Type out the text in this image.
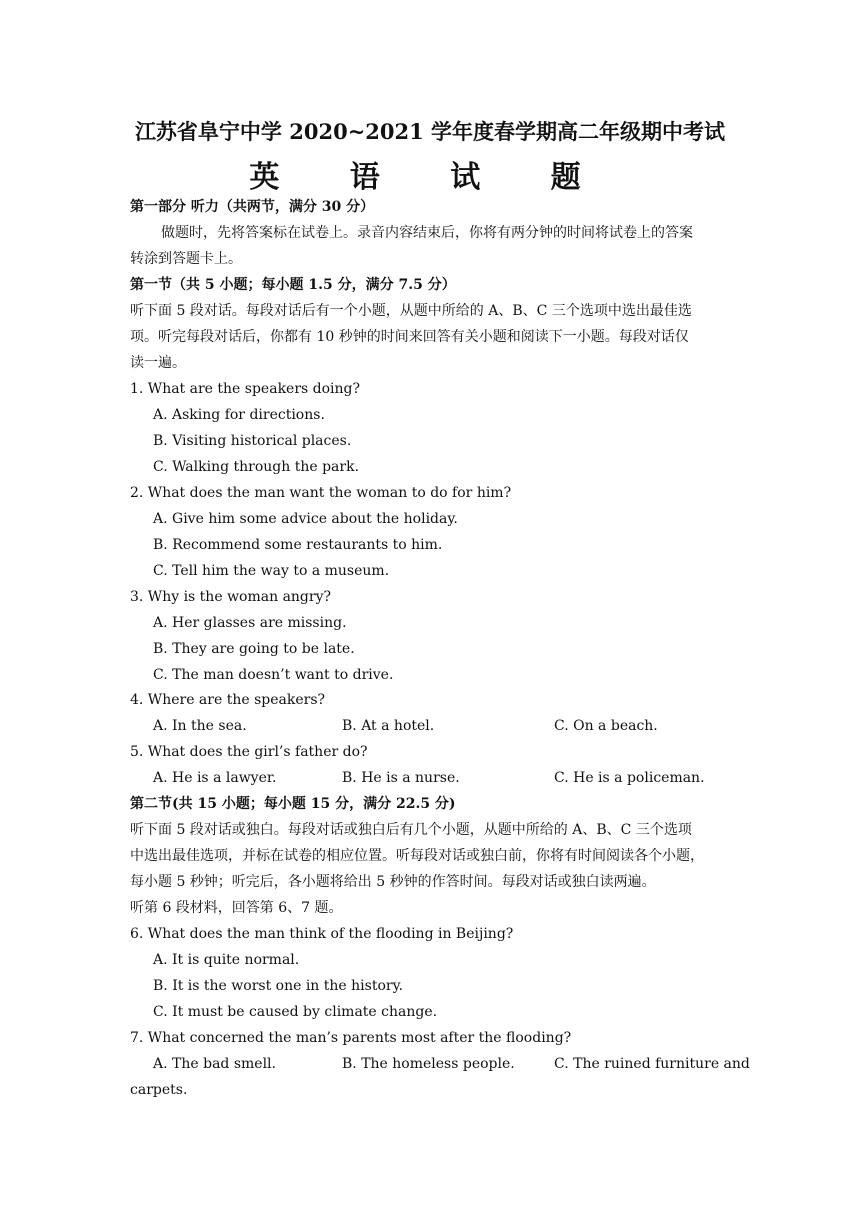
江苏省阜宁中学 2020~2021 学年度春学期高二年级期中考试
英 语 试 题
第一部分 听力（共两节，满分 30 分）
做题时，先将答案标在试卷上。录音内容结束后，你将有两分钟的时间将试卷上的答案
转涂到答题卡上。
第一节（共 5 小题；每小题 1.5 分，满分 7.5 分）
听下面 5 段对话。每段对话后有一个小题，从题中所给的 A、B、C 三个选项中选出最佳选
项。听完每段对话后，你都有 10 秒钟的时间来回答有关小题和阅读下一小题。每段对话仅
读一遍。
1. What are the speakers doing?
A. Asking for directions.
B. Visiting historical places.
C. Walking through the park.
2. What does the man want the woman to do for him?
A. Give him some advice about the holiday.
B. Recommend some restaurants to him.
C. Tell him the way to a museum.
3. Why is the woman angry?
A. Her glasses are missing.
B. They are going to be late.
C. The man doesn’t want to drive.
4. Where are the speakers?
A. In the sea.	B. At a hotel.	C. On a beach.
5. What does the girl’s father do?
A. He is a lawyer.	B. He is a nurse.	C. He is a policeman.
第二节(共 15 小题；每小题 15 分，满分 22.5 分)
听下面 5 段对话或独白。每段对话或独白后有几个小题，从题中所给的 A、B、C 三个选项
中选出最佳选项，并标在试卷的相应位置。听每段对话或独白前，你将有时间阅读各个小题，
每小题 5 秒钟；听完后，各小题将给出 5 秒钟的作答时间。每段对话或独白读两遍。
听第 6 段材料，回答第 6、7 题。
6. What does the man think of the flooding in Beijing?
A. It is quite normal.
B. It is the worst one in the history.
C. It must be caused by climate change.
7. What concerned the man’s parents most after the flooding?
A. The bad smell.	B. The homeless people.	C. The ruined furniture and
carpets.
